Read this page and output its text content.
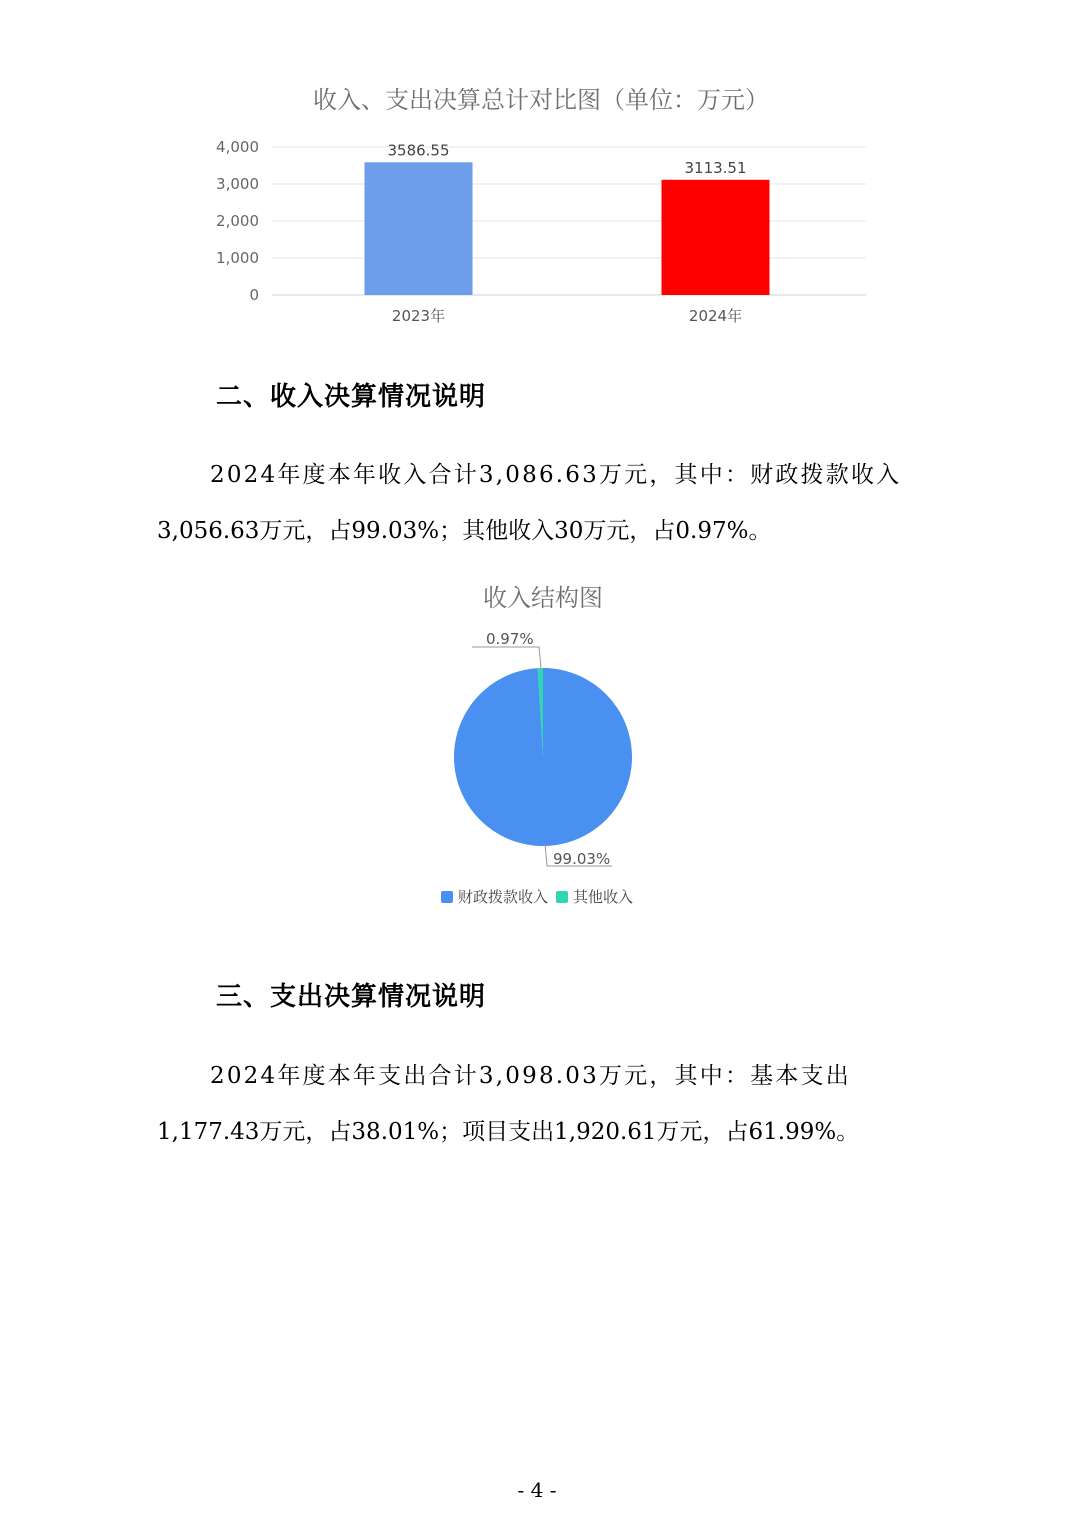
收入、支出决算总计对比图（单位：万元）
0
1,000
2,000
3,000
4,000	3586.55
2023年
3113.51
2024年
二、收入决算情况说明
2024年度本年收入合计3,086.63万元，其中：财政拨款收入
3,056.63万元，占99.03%；其他收入30万元，占0.97%。
收入结构图
0.97%
99.03%
财政拨款收入 其他收入
三、支出决算情况说明
2024年度本年支出合计3,098.03万元，其中：基本支出
1,177.43万元，占38.01%；项目支出1,920.61万元，占61.99%。
- 4 -
